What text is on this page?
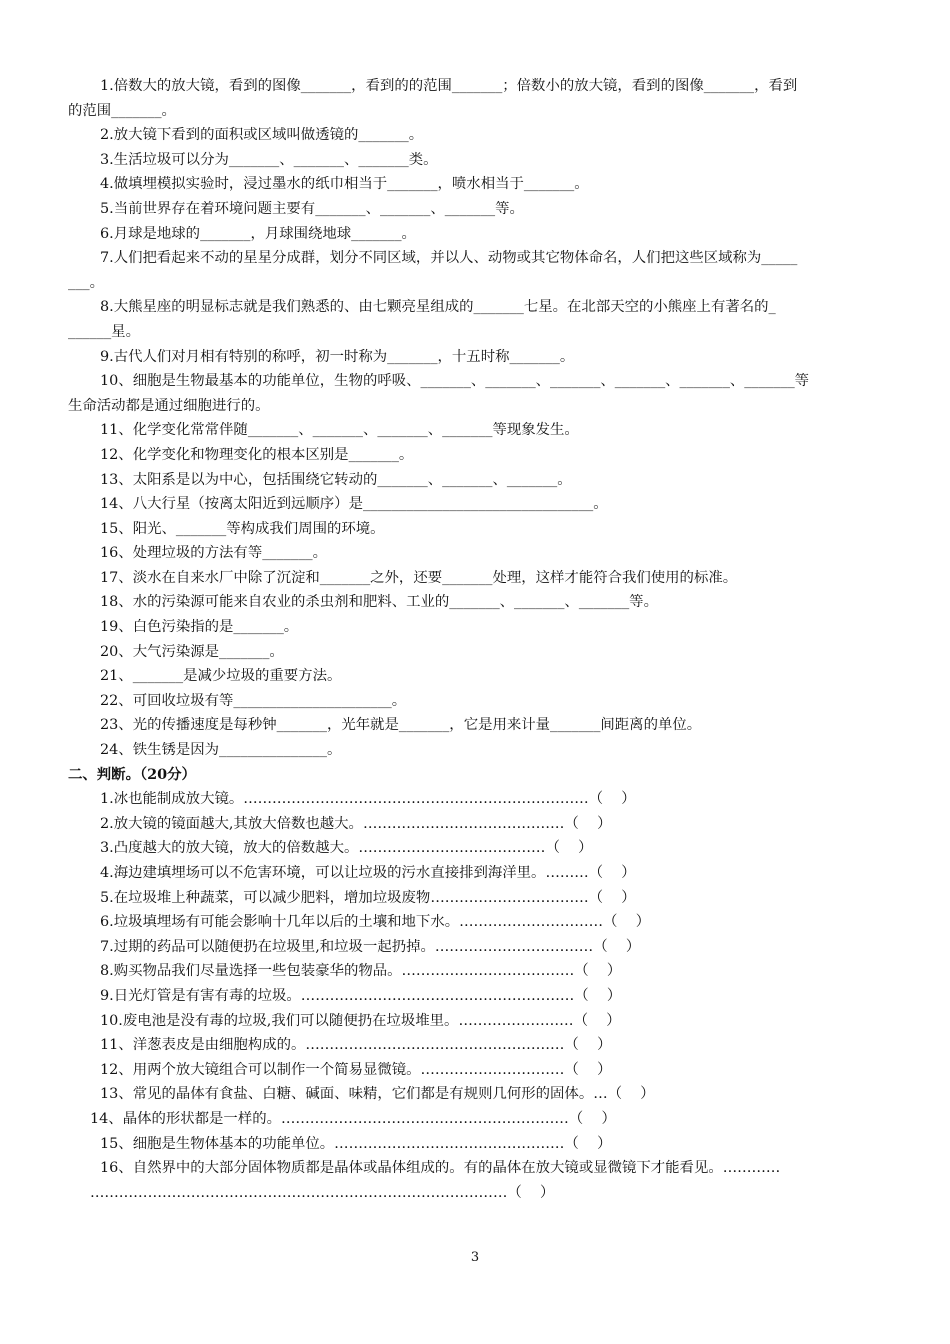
1.倍数大的放大镜，看到的图像_______，看到的的范围_______；倍数小的放大镜，看到的图像_______，看到
的范围_______。
2.放大镜下看到的面积或区域叫做透镜的_______。
3.生活垃圾可以分为_______、_______、_______类。
4.做填埋模拟实验时，浸过墨水的纸巾相当于_______，喷水相当于_______。
5.当前世界存在着环境问题主要有_______、_______、_______等。
6.月球是地球的_______，月球围绕地球_______。
7.人们把看起来不动的星星分成群，划分不同区域，并以人、动物或其它物体命名，人们把这些区域称为_____
___。
8.大熊星座的明显标志就是我们熟悉的、由七颗亮星组成的_______七星。在北部天空的小熊座上有著名的_
______星。
9.古代人们对月相有特别的称呼，初一时称为_______，十五时称_______。
10、细胞是生物最基本的功能单位，生物的呼吸、_______、_______、_______、_______、_______、_______等
生命活动都是通过细胞进行的。
11、化学变化常常伴随_______、_______、_______、_______等现象发生。
12、化学变化和物理变化的根本区别是_______。
13、太阳系是以为中心，包括围绕它转动的_______、_______、_______。
14、八大行星（按离太阳近到远顺序）是________________________________。
15、阳光、_______等构成我们周围的环境。
16、处理垃圾的方法有等_______。
17、淡水在自来水厂中除了沉淀和_______之外，还要_______处理，这样才能符合我们使用的标准。
18、水的污染源可能来自农业的杀虫剂和肥料、工业的_______、_______、_______等。
19、白色污染指的是_______。
20、大气污染源是_______。
21、_______是减少垃圾的重要方法。
22、可回收垃圾有等______________________。
23、光的传播速度是每秒钟_______，光年就是_______，它是用来计量_______间距离的单位。
24、铁生锈是因为_______________。
二、判断。（20分）
1.冰也能制成放大镜。………………………………………………………………（    ）
2.放大镜的镜面越大,其放大倍数也越大。……………………………………（    ）
3.凸度越大的放大镜，放大的倍数越大。…………………………………（    ）
4.海边建填埋场可以不危害环境，可以让垃圾的污水直接排到海洋里。………（    ）
5.在垃圾堆上种蔬菜，可以减少肥料，增加垃圾废物……………………………（    ）
6.垃圾填埋场有可能会影响十几年以后的土壤和地下水。…………………………（    ）
7.过期的药品可以随便扔在垃圾里,和垃圾一起扔掉。……………………………（    ）
8.购买物品我们尽量选择一些包装豪华的物品。………………………………（    ）
9.日光灯管是有害有毒的垃圾。…………………………………………………（    ）
10.废电池是没有毒的垃圾,我们可以随便扔在垃圾堆里。……………………（    ）
11、洋葱表皮是由细胞构成的。………………………………………………（    ）
12、用两个放大镜组合可以制作一个简易显微镜。…………………………（    ）
13、常见的晶体有食盐、白糖、碱面、味精，它们都是有规则几何形的固体。…（    ）
14、晶体的形状都是一样的。……………………………………………………（    ）
15、细胞是生物体基本的功能单位。…………………………………………（    ）
16、自然界中的大部分固体物质都是晶体或晶体组成的。有的晶体在放大镜或显微镜下才能看见。…………
……………………………………………………………………………（    ）
3
